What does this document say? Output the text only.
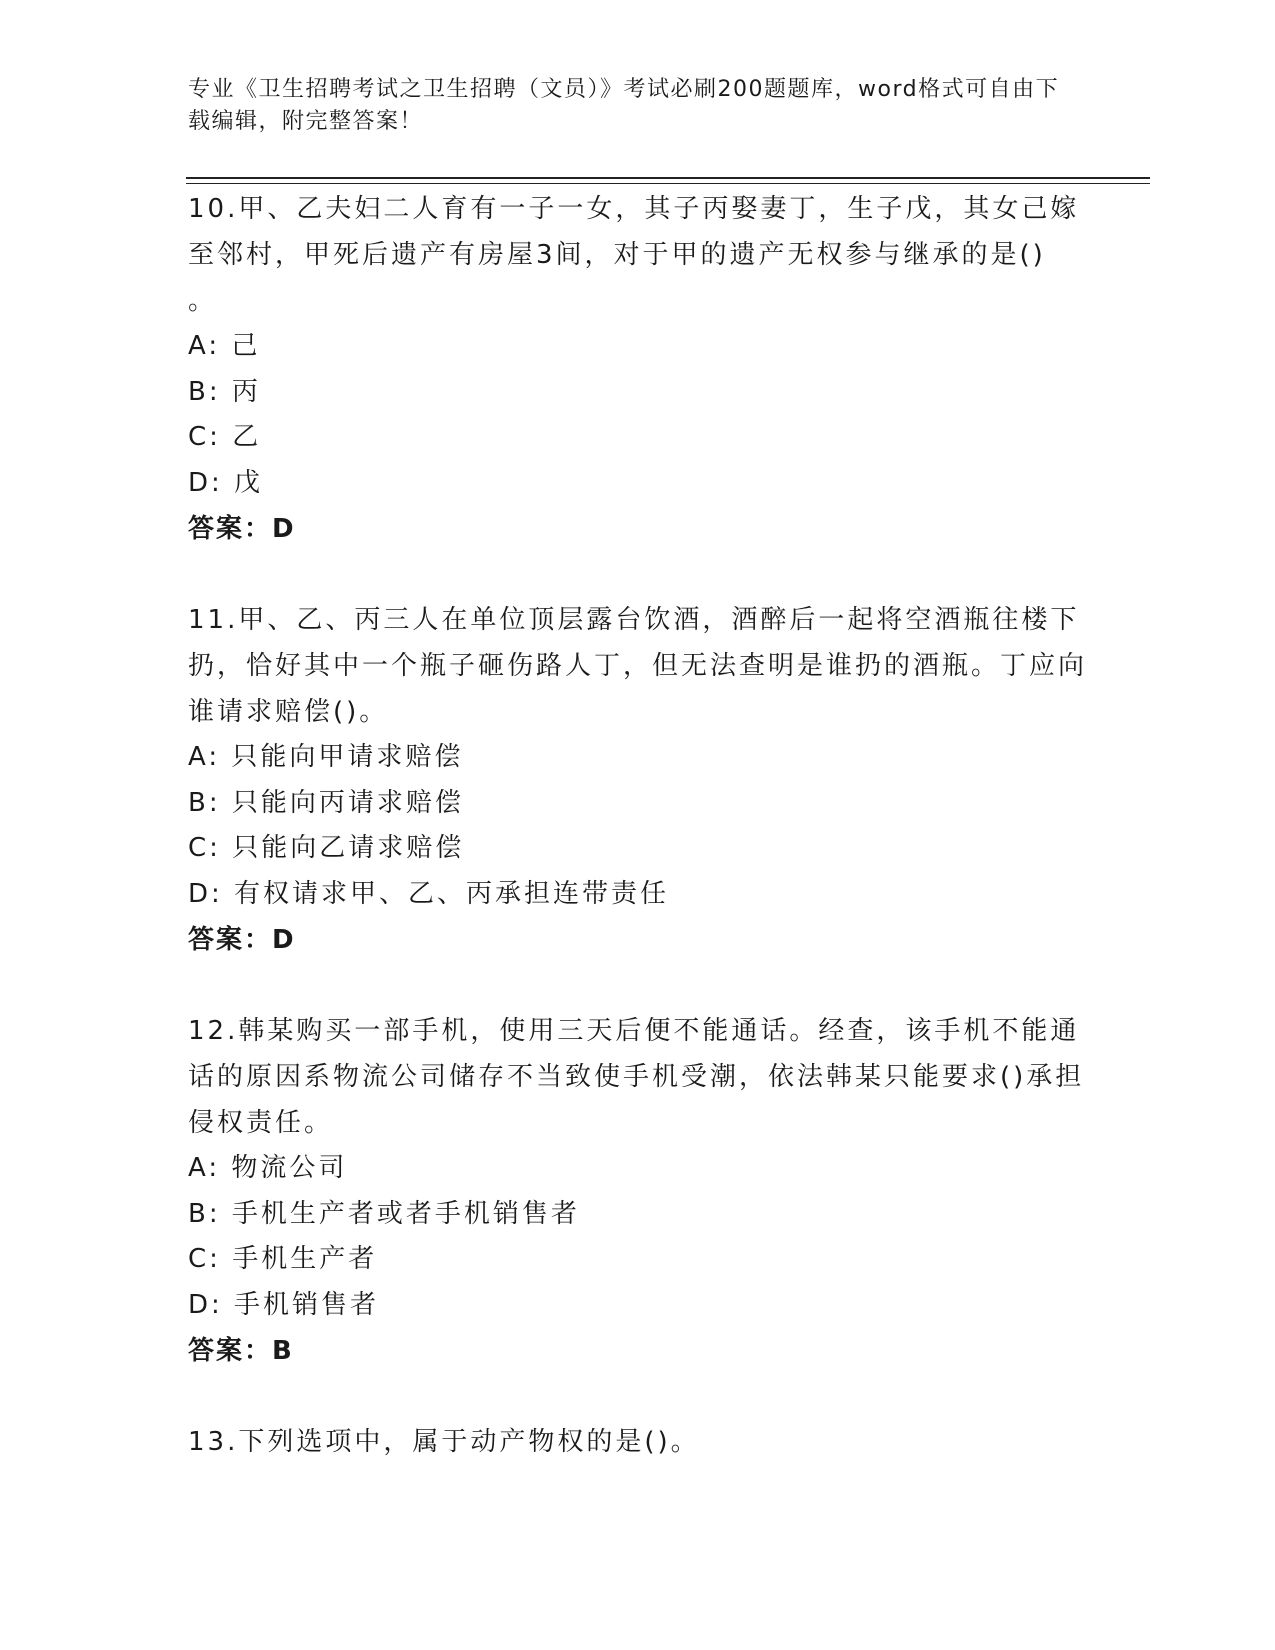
专业《卫生招聘考试之卫生招聘（文员）》考试必刷200题题库，word格式可自由下载编辑，附完整答案！

10.甲、乙夫妇二人育有一子一女，其子丙娶妻丁，生子戊，其女己嫁至邻村，甲死后遗产有房屋3间，对于甲的遗产无权参与继承的是()

。

A: 己

B: 丙

C: 乙

D: 戊

答案：D

11.甲、乙、丙三人在单位顶层露台饮酒，酒醉后一起将空酒瓶往楼下扔，恰好其中一个瓶子砸伤路人丁，但无法查明是谁扔的酒瓶。丁应向谁请求赔偿()。

A: 只能向甲请求赔偿

B: 只能向丙请求赔偿

C: 只能向乙请求赔偿

D: 有权请求甲、乙、丙承担连带责任

答案：D

12.韩某购买一部手机，使用三天后便不能通话。经查，该手机不能通话的原因系物流公司储存不当致使手机受潮，依法韩某只能要求()承担侵权责任。

A: 物流公司

B: 手机生产者或者手机销售者

C: 手机生产者

D: 手机销售者

答案：B

13.下列选项中，属于动产物权的是()。
